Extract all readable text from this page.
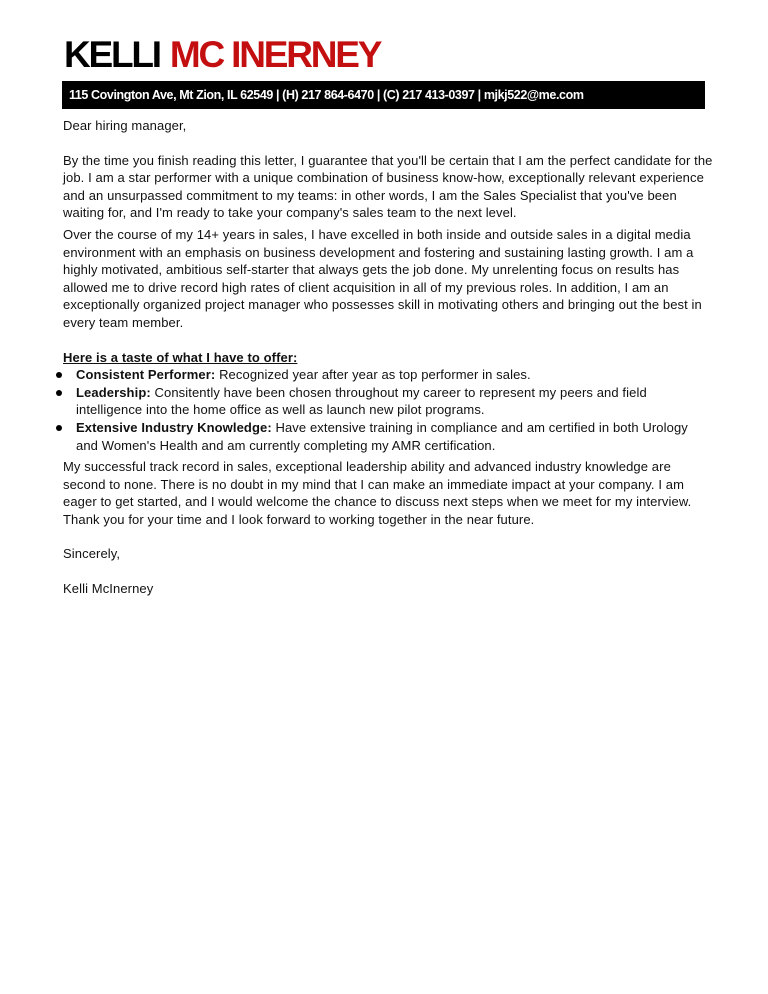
KELLI MC INERNEY
115 Covington Ave, Mt Zion, IL 62549 | (H) 217 864-6470 | (C) 217 413-0397 | mjkj522@me.com

Dear hiring manager,

By the time you finish reading this letter, I guarantee that you'll be certain that I am the perfect candidate for the job. I am a star performer with a unique combination of business know-how, exceptionally relevant experience and an unsurpassed commitment to my teams: in other words, I am the Sales Specialist that you've been waiting for, and I'm ready to take your company's sales team to the next level.

Over the course of my 14+ years in sales, I have excelled in both inside and outside sales in a digital media environment with an emphasis on business development and fostering and sustaining lasting growth. I am a highly motivated, ambitious self-starter that always gets the job done. My unrelenting focus on results has allowed me to drive record high rates of client acquisition in all of my previous roles. In addition, I am an exceptionally organized project manager who possesses skill in motivating others and bringing out the best in every team member.

Here is a taste of what I have to offer:

Consistent Performer: Recognized year after year as top performer in sales.
Leadership: Consitently have been chosen throughout my career to represent my peers and field intelligence into the home office as well as launch new pilot programs.
Extensive Industry Knowledge: Have extensive training in compliance and am certified in both Urology and Women's Health and am currently completing my AMR certification.

My successful track record in sales, exceptional leadership ability and advanced industry knowledge are second to none. There is no doubt in my mind that I can make an immediate impact at your company. I am eager to get started, and I would welcome the chance to discuss next steps when we meet for my interview. Thank you for your time and I look forward to working together in the near future.

Sincerely,

Kelli McInerney
